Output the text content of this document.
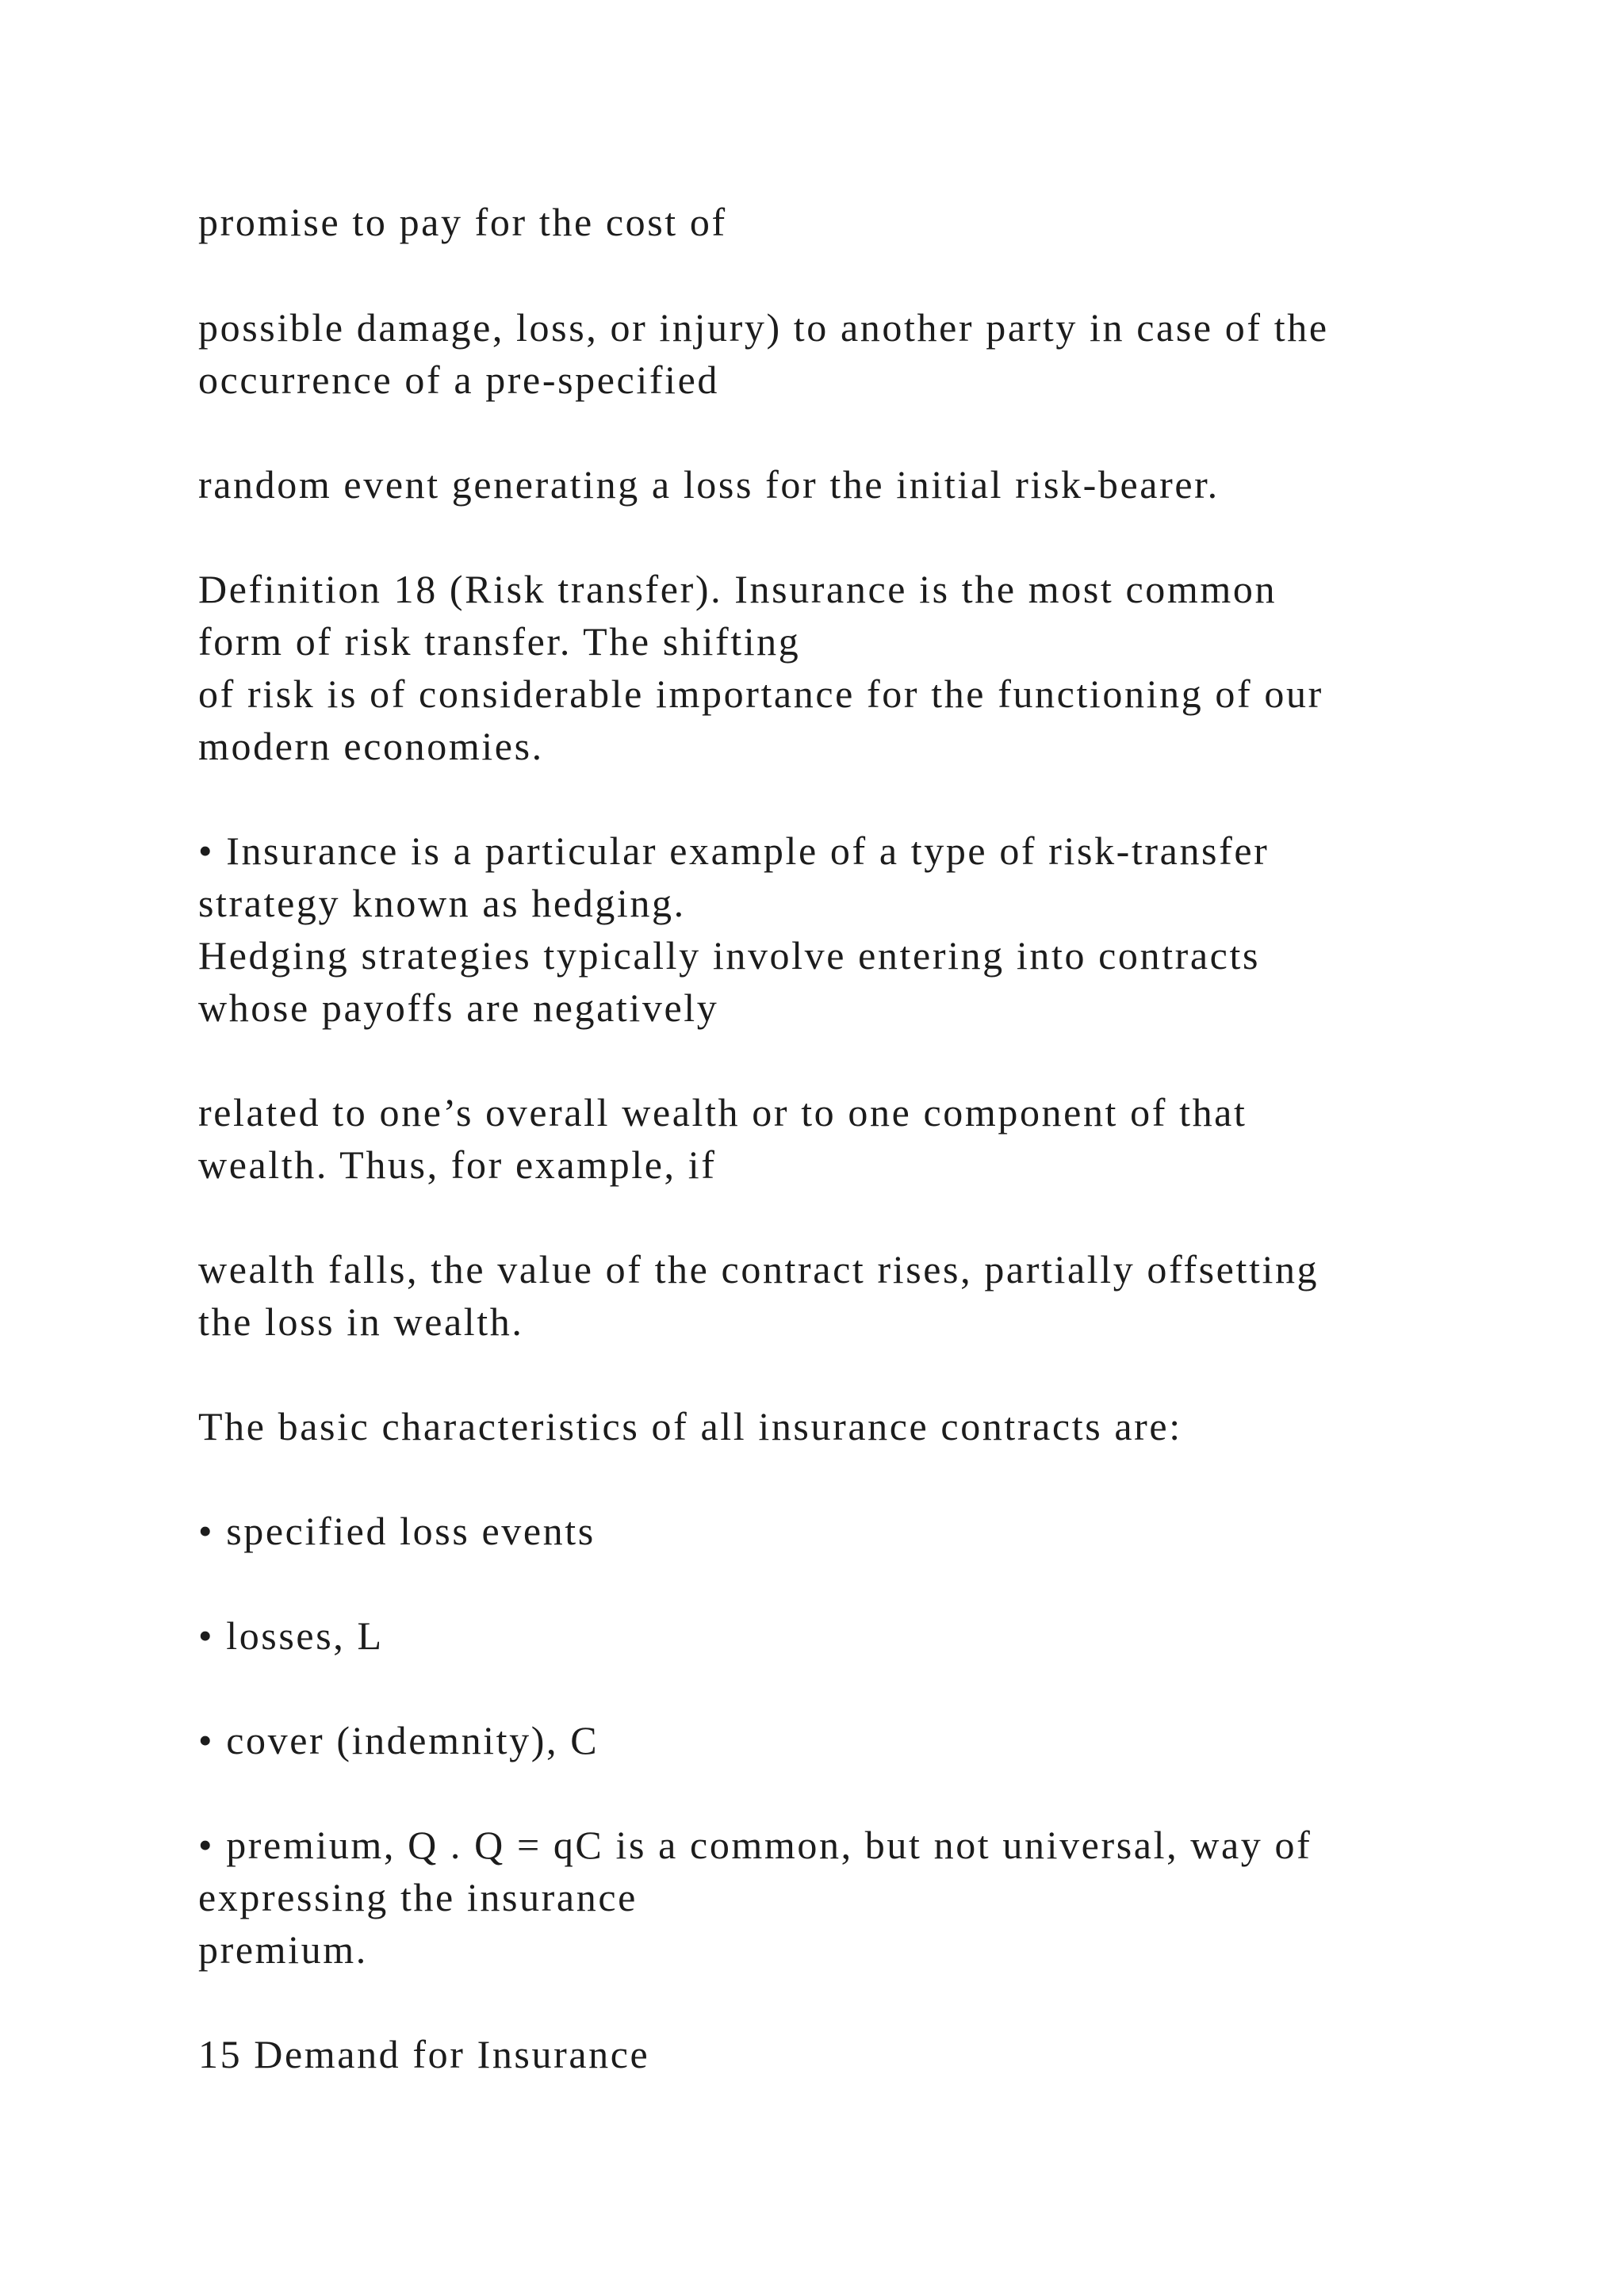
promise to pay for the cost of

possible damage, loss, or injury) to another party in case of the

occurrence of a pre-specified

random event generating a loss for the initial risk-bearer.

Definition 18 (Risk transfer). Insurance is the most common

form of risk transfer. The shifting

of risk is of considerable importance for the functioning of our

modern economies.

• Insurance is a particular example of a type of risk-transfer

strategy known as hedging.

Hedging strategies typically involve entering into contracts

whose payoffs are negatively

related to one’s overall wealth or to one component of that

wealth. Thus, for example, if

wealth falls, the value of the contract rises, partially offsetting

the loss in wealth.

The basic characteristics of all insurance contracts are:

• specified loss events

• losses, L

• cover (indemnity), C

• premium, Q . Q = qC is a common, but not universal, way of

expressing the insurance

premium.

15 Demand for Insurance
